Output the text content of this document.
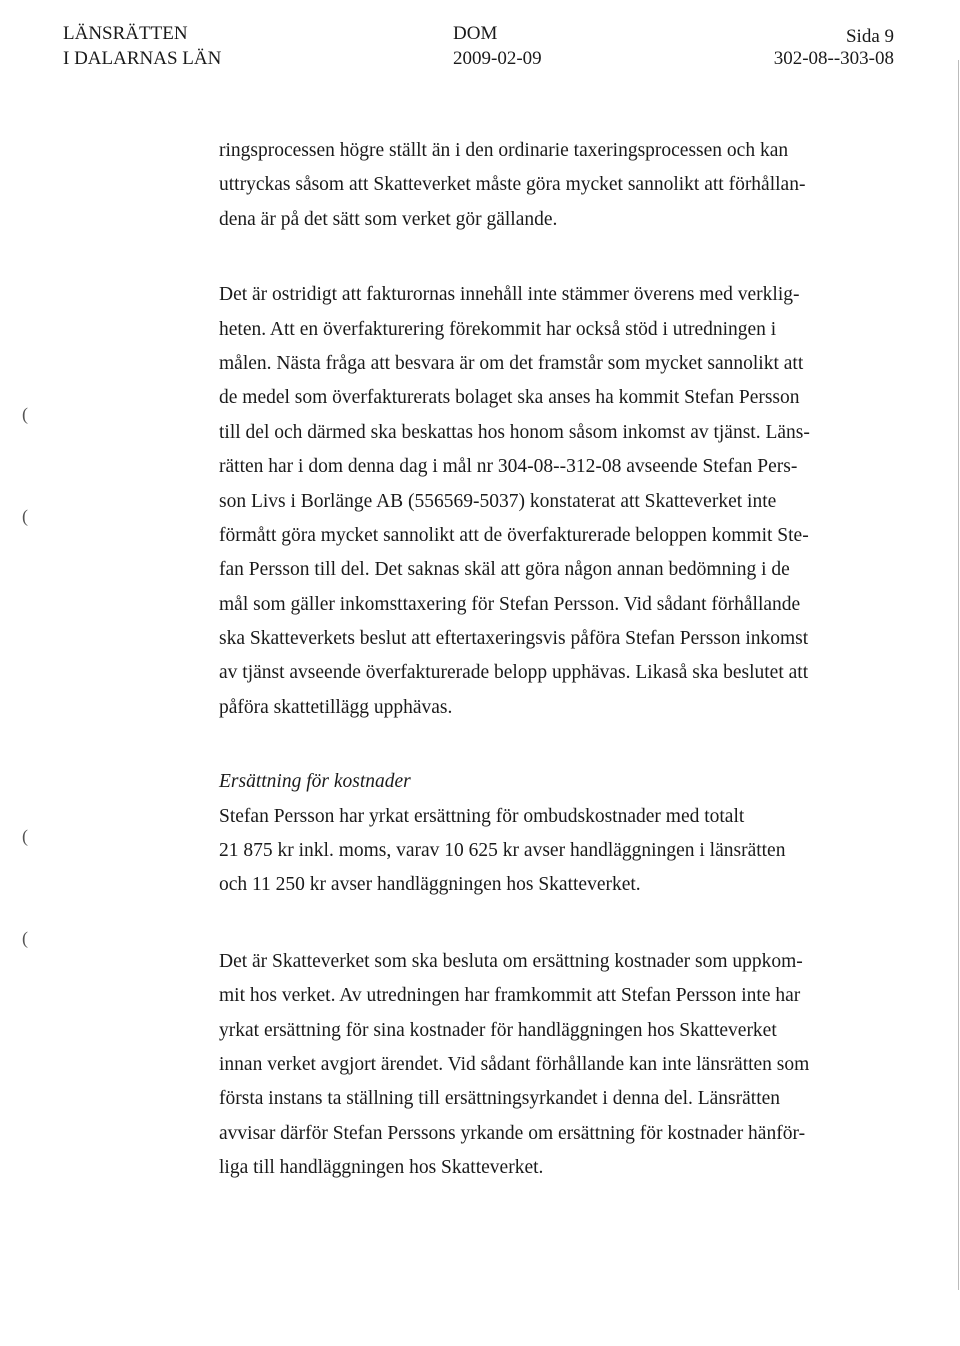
LÄNSRÄTTEN
I DALARNAS LÄN
DOM
2009-02-09
Sida 9
302-08--303-08
(
(
(
(
ringsprocessen högre ställt än i den ordinarie taxeringsprocessen och kan
uttryckas såsom att Skatteverket måste göra mycket sannolikt att förhållan-
dena är på det sätt som verket gör gällande.
Det är ostridigt att fakturornas innehåll inte stämmer överens med verklig-
heten. Att en överfakturering förekommit har också stöd i utredningen i
målen. Nästa fråga att besvara är om det framstår som mycket sannolikt att
de medel som överfakturerats bolaget ska anses ha kommit Stefan Persson
till del och därmed ska beskattas hos honom såsom inkomst av tjänst. Läns-
rätten har i dom denna dag i mål nr 304-08--312-08 avseende Stefan Pers-
son Livs i Borlänge AB (556569-5037) konstaterat att Skatteverket inte
förmått göra mycket sannolikt att de överfakturerade beloppen kommit Ste-
fan Persson till del. Det saknas skäl att göra någon annan bedömning i de
mål som gäller inkomsttaxering för Stefan Persson. Vid sådant förhållande
ska Skatteverkets beslut att eftertaxeringsvis påföra Stefan Persson inkomst
av tjänst avseende överfakturerade belopp upphävas. Likaså ska beslutet att
påföra skattetillägg upphävas.
Ersättning för kostnader
Stefan Persson har yrkat ersättning för ombudskostnader med totalt
21 875 kr inkl. moms, varav 10 625 kr avser handläggningen i länsrätten
och 11 250 kr avser handläggningen hos Skatteverket.
Det är Skatteverket som ska besluta om ersättning kostnader som uppkom-
mit hos verket. Av utredningen har framkommit att Stefan Persson inte har
yrkat ersättning för sina kostnader för handläggningen hos Skatteverket
innan verket avgjort ärendet. Vid sådant förhållande kan inte länsrätten som
första instans ta ställning till ersättningsyrkandet i denna del. Länsrätten
avvisar därför Stefan Perssons yrkande om ersättning för kostnader hänför-
liga till handläggningen hos Skatteverket.
